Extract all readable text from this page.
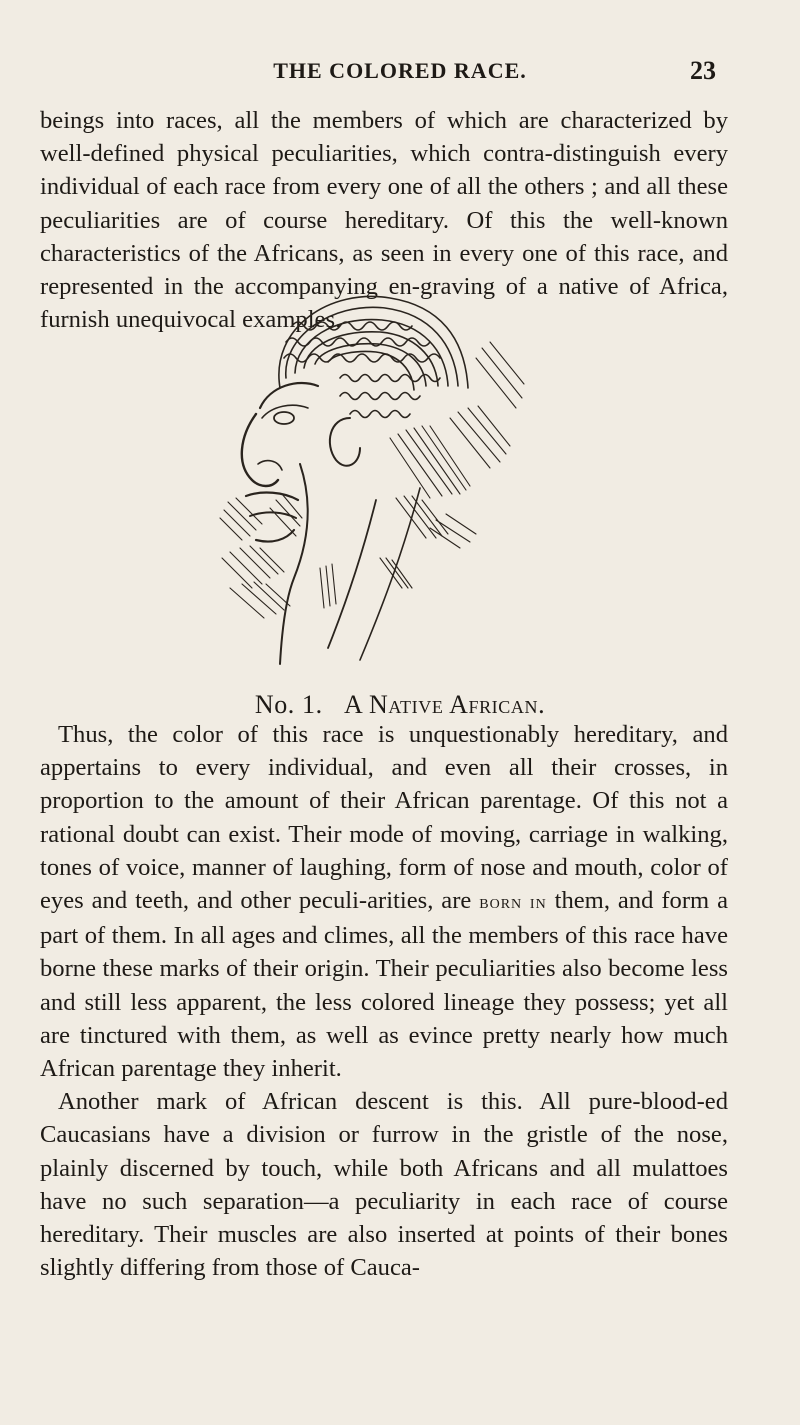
THE COLORED RACE.	23

beings into races, all the members of which are characterized by well-defined physical peculiarities, which contra-distinguish every individual of each race from every one of all the others ; and all these peculiarities are of course hereditary. Of this the well-known characteristics of the Africans, as seen in every one of this race, and represented in the accompanying en-graving of a native of Africa, furnish unequivocal examples.

No. 1. A Native African.

Thus, the color of this race is unquestionably hereditary, and appertains to every individual, and even all their crosses, in proportion to the amount of their African parentage. Of this not a rational doubt can exist. Their mode of moving, carriage in walking, tones of voice, manner of laughing, form of nose and mouth, color of eyes and teeth, and other peculi-arities, are born in them, and form a part of them. In all ages and climes, all the members of this race have borne these marks of their origin. Their peculiarities also become less and still less apparent, the less colored lineage they possess; yet all are tinctured with them, as well as evince pretty nearly how much African parentage they inherit.

Another mark of African descent is this. All pure-blood-ed Caucasians have a division or furrow in the gristle of the nose, plainly discerned by touch, while both Africans and all mulattoes have no such separation—a peculiarity in each race of course hereditary. Their muscles are also inserted at points of their bones slightly differing from those of Cauca-
